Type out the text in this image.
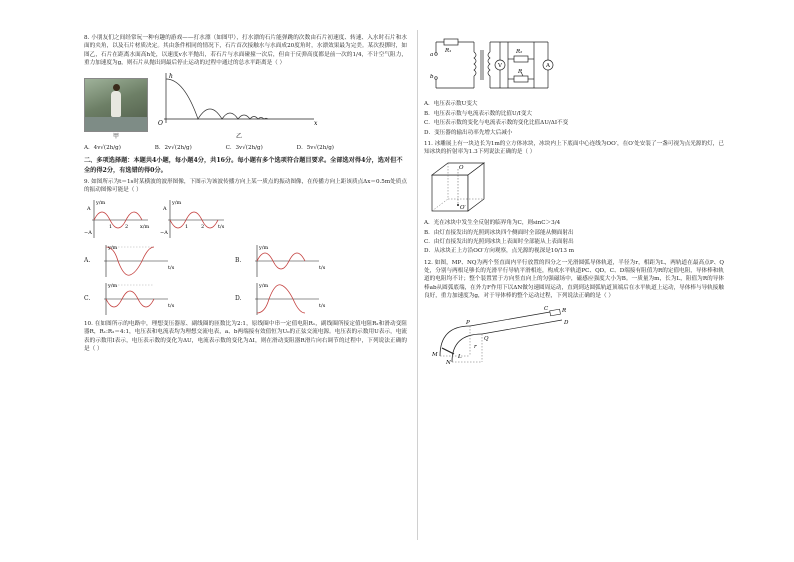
8. 小朋友们之间经常玩一种有趣的游戏——打水漂（如图甲），打水漂的石片能弹跳的次数由石片初速度、转速、入水时石片和水面的夹角，以及石片材质决定。其由条件相同的情况下，石片首次接触水与水面成20度角时，水漂效果最为完美。某次投掷时，如图乙，石片在距离水面高h处，以速度v水平抛出，若石片与水面碰撞一次后，但由于反弹高度都是前一次的1/4，不计空气阻力，重力加速度为g，则石片从抛出到最后停止运动的过程中通过的总水平距离是（ ）

甲
h
O	x
乙
A．4v√(2h/g)	B．2v√(2h/g)	C．3v√(2h/g)	D．5v√(2h/g)

二、多项选择题：本题共4小题，每小题4分，共16分。每小题有多个选项符合题目要求。全部选对得4分，选对但不全的得2分，有选错的得0分。

9. 如图所示为t＝1s时某横波的波形图像，下图示为该波传播方向上某一质点的振动图像，在传播方向上距该质点Δx＝0.5m处质点的振动图像可能是（ ）

y/m
x/m
A
−A
1	2
y/m
t/s
A
−A
1	2
A.
y/m
t/s
B.
y/m
t/s
C.
y/m
t/s
D.
y/m
t/s

10. 在如图所示的电路中，理想变压器原、副线圈的匝数比为2:1，原线圈中串一定值电阻R₁，副线圈所接定值电阻R₂和滑动变阻器R，R₁:R₂＝4:1，电压表和电流表均为理想交流电表，a、b两端接有效值恒为U₀的正弦交流电源。电压表的示数用U表示，电流表的示数用I表示，电压表示数的变化为ΔU，电流表示数的变化为ΔI，则在滑动变阻器R滑片向右调节的过程中，下列说法正确的是（ ）

R₁
a
b
V	A
R₂
R

A．电压表示数U变大

B．电压表示数与电流表示数的比值U/I变大

C．电压表示数的变化与电流表示数的变化比值ΔU/ΔI不变

D．变压器的输出功率先增大后减小

11. 冰雕展上有一块边长为1m的立方体冰块，冰块内上下底面中心连线为OO′，在O′处安装了一盏可视为点光源的灯，已知冰块的折射率为1.3下列说法正确的是（ ）

O
O′

A．光在冰块中发生全反射的临界角为C，则sinC＞3/4

B．由灯直接发出的光照到冰块四个侧面时全部能从侧面射出

C．由灯直接发出的光照到冰块上表面时全部能从上表面射出

D．从冰块正上方沿OO′方向观察，点光源的视深是10/13 m

12. 如图，MP、NQ为两个竖直面内平行放置的四分之一光滑圆弧导体轨道，半径为r，相距为L，两轨道在最高点P、Q处，分别与两根足够长的光滑平行导轨平滑相连，构成水平轨道PC、QD，C、D端接有阻值为R的定值电阻，导体棒和轨道的电阻均不计；整个装置置于方向竖直向上的匀强磁场中，磁感应强度大小为B。一质量为m，长为L，阻值为R的导体棒ab从圆弧底端，在外力F作用下以ΔN做匀速圆周运动，直到到达圆弧轨道顶端后在水平轨道上运动，导体棒与导轨接触良好，重力加速度为g，对于导体棒的整个运动过程，下列说法正确的是（ ）

M
N
P
Q
C
D
R
L
r
